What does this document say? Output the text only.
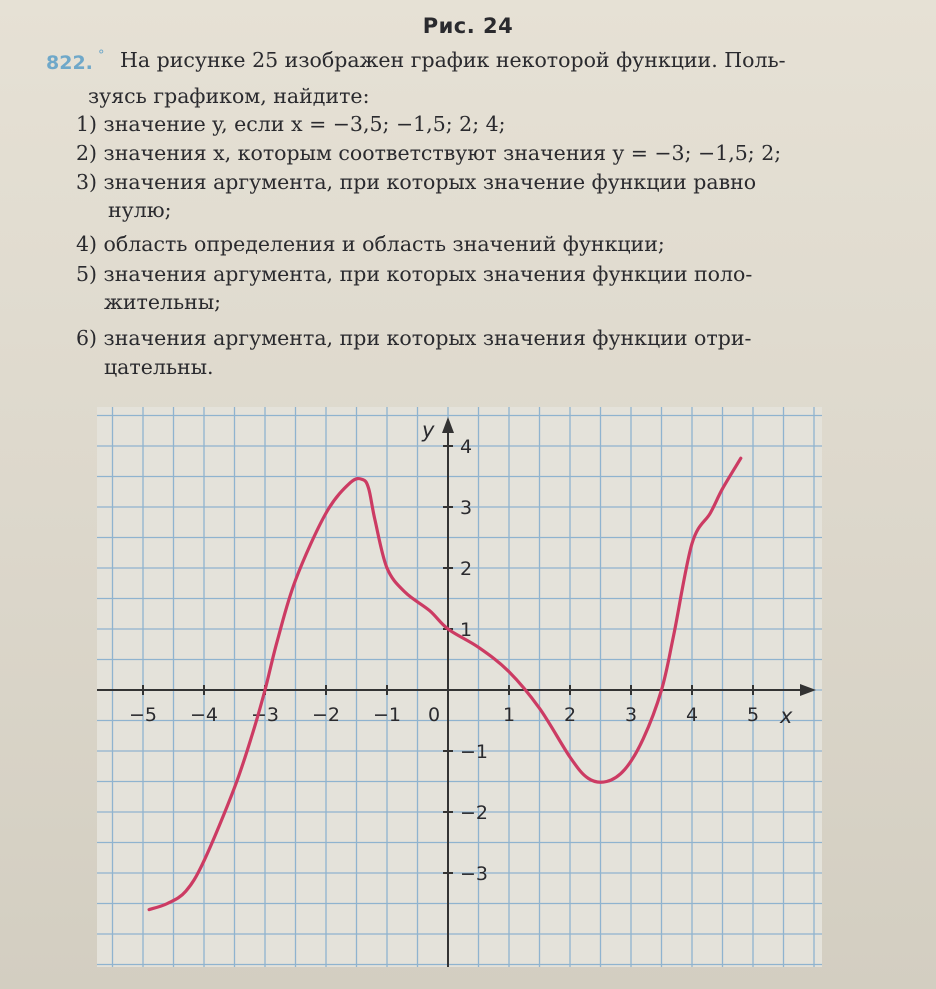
Рис. 24
822. ° На рисунке 25 изображен график некоторой функции. Поль-
зуясь графиком, найдите:
1) значение y, если x = −3,5; −1,5; 2; 4;
2) значения x, которым соответствуют значения y = −3; −1,5; 2;
3) значения аргумента, при которых значение функции равно
нулю;
4) область определения и область значений функции;
5) значения аргумента, при которых значения функции поло-
жительны;
6) значения аргумента, при которых значения функции отри-
цательны.
−5 −4 −3 −2 −1 0	1	2	3	4	5
4
3
2
1
−1
−2
−3
x
y
